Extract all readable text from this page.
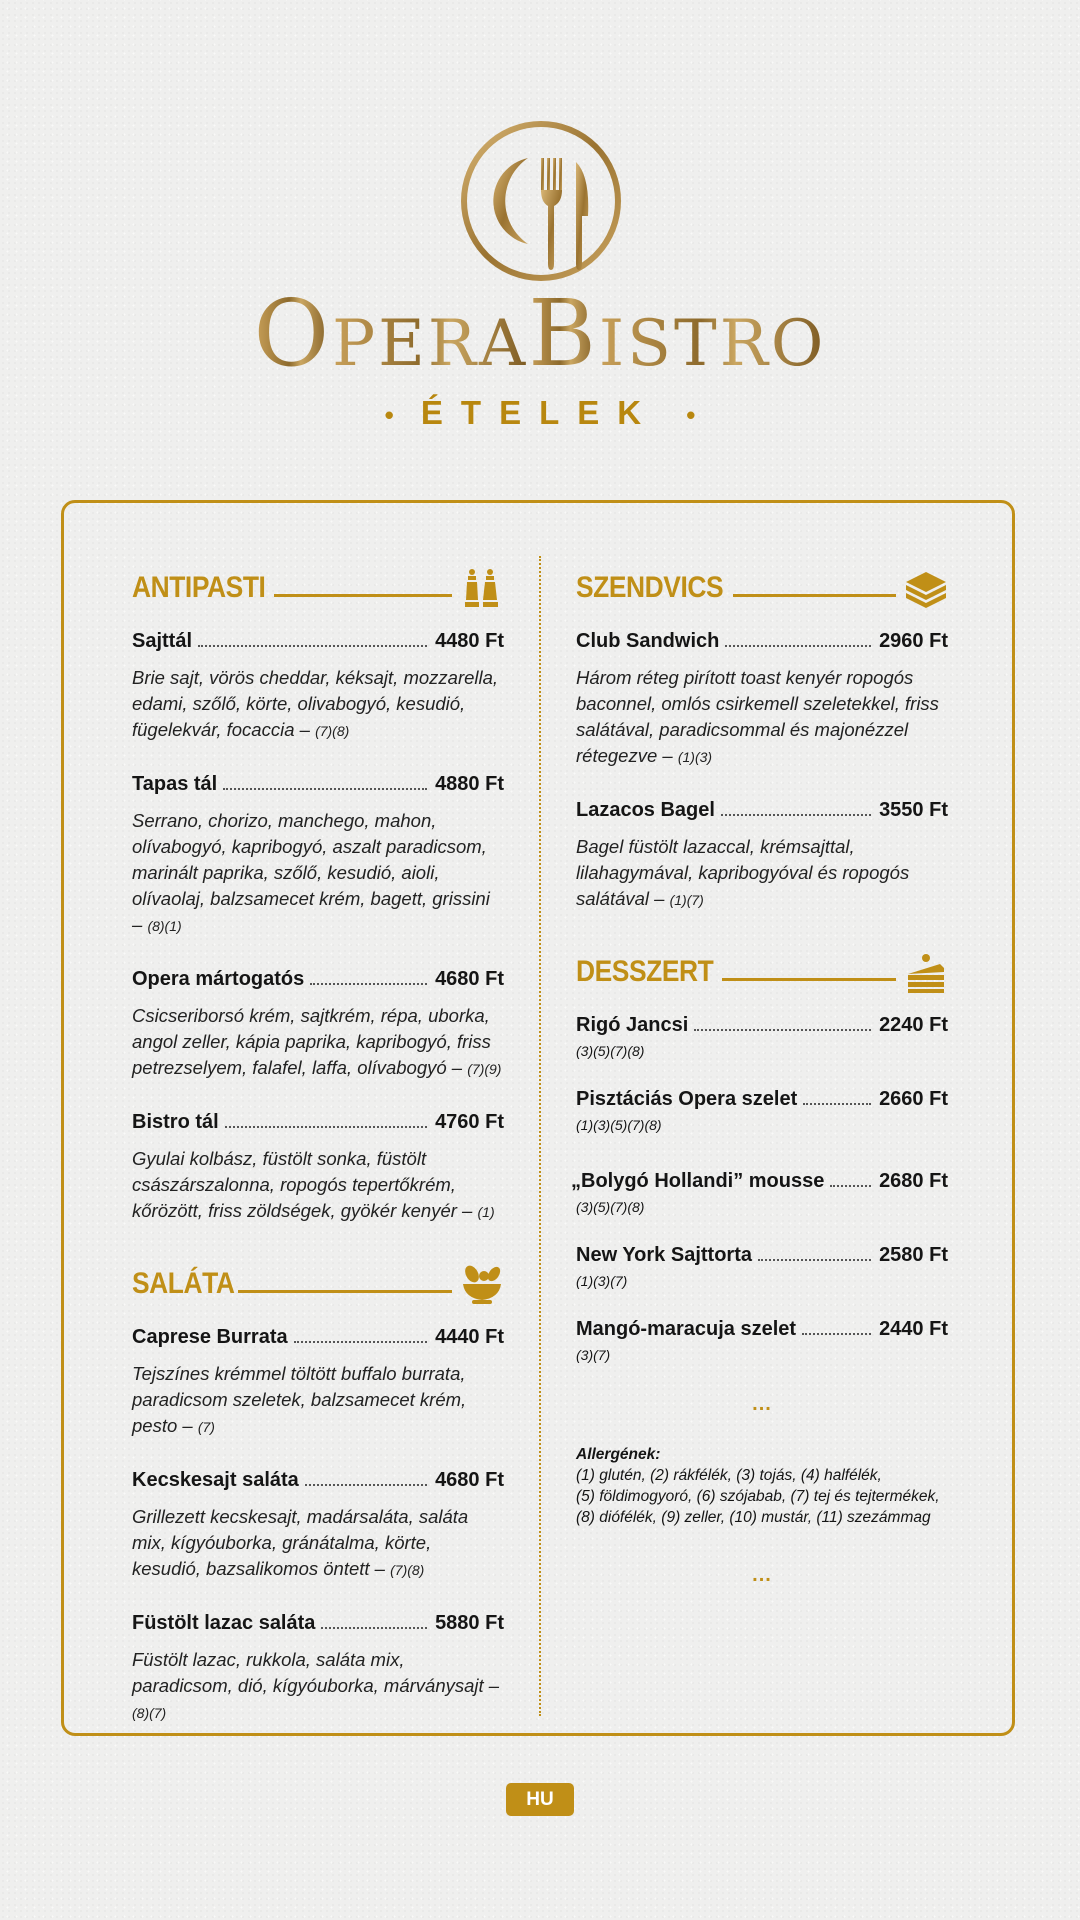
OPERABISTRO
• ÉTELEK •
ANTIPASTI
Sajttál	4480 Ft
Brie sajt, vörös cheddar, kéksajt, mozzarella, edami, szőlő, körte, olivabogyó, kesudió, fügelekvár, focaccia – (7)(8)
Tapas tál	4880 Ft
Serrano, chorizo, manchego, mahon, olívabogyó, kapribogyó, aszalt paradicsom, marinált paprika, szőlő, kesudió, aioli, olívaolaj, balzsamecet krém, bagett, grissini – (8)(1)
Opera mártogatós	4680 Ft
Csicseriborsó krém, sajtkrém, répa, uborka, angol zeller, kápia paprika, kapribogyó, friss petrezselyem, falafel, laffa, olívabogyó – (7)(9)
Bistro tál	4760 Ft
Gyulai kolbász, füstölt sonka, füstölt császárszalonna, ropogós tepertőkrém, kőrözött, friss zöldségek, gyökér kenyér – (1)
SALÁTA
Caprese Burrata	4440 Ft
Tejszínes krémmel töltött buffalo burrata, paradicsom szeletek, balzsamecet krém, pesto – (7)
Kecskesajt saláta	4680 Ft
Grillezett kecskesajt, madársaláta, saláta mix, kígyóuborka, gránátalma, körte, kesudió, bazsalikomos öntett – (7)(8)
Füstölt lazac saláta	5880 Ft
Füstölt lazac, rukkola, saláta mix, paradicsom, dió, kígyóuborka, márványsajt – (8)(7)
SZENDVICS
Club Sandwich	2960 Ft
Három réteg pirított toast kenyér ropogós baconnel, omlós csirkemell szeletekkel, friss salátával, paradicsommal és majonézzel rétegezve – (1)(3)
Lazacos Bagel	3550 Ft
Bagel füstölt lazaccal, krémsajttal, lilahagymával, kapribogyóval és ropogós salátával – (1)(7)
DESSZERT
Rigó Jancsi	2240 Ft
(3)(5)(7)(8)
Pisztáciás Opera szelet	2660 Ft
(1)(3)(5)(7)(8)
„Bolygó Hollandi” mousse	2680 Ft
(3)(5)(7)(8)
New York Sajttorta	2580 Ft
(1)(3)(7)
Mangó-maracuja szelet	2440 Ft
(3)(7)
...
Allergének:
(1) glutén, (2) rákfélék, (3) tojás, (4) halfélék,
(5) földimogyoró, (6) szójabab, (7) tej és tejtermékek,
(8) diófélék, (9) zeller, (10) mustár, (11) szezámmag
...
HU
